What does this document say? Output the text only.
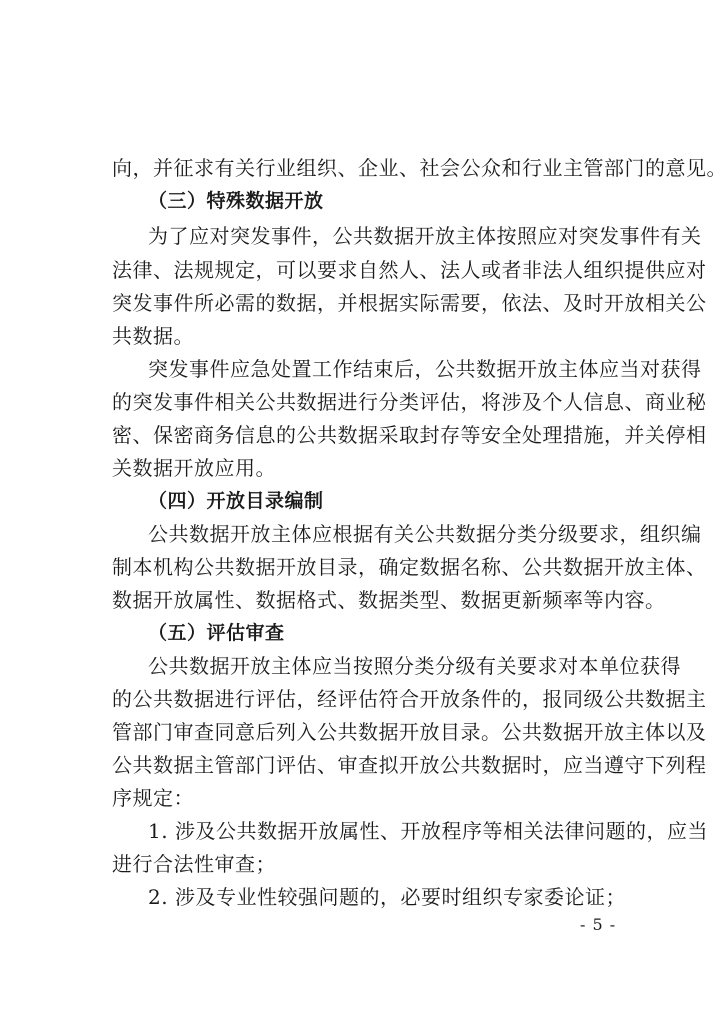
向，并征求有关行业组织、企业、社会公众和行业主管部门的意见。
（三）特殊数据开放
为了应对突发事件，公共数据开放主体按照应对突发事件有关
法律、法规规定，可以要求自然人、法人或者非法人组织提供应对
突发事件所必需的数据，并根据实际需要，依法、及时开放相关公
共数据。
突发事件应急处置工作结束后，公共数据开放主体应当对获得
的突发事件相关公共数据进行分类评估，将涉及个人信息、商业秘
密、保密商务信息的公共数据采取封存等安全处理措施，并关停相
关数据开放应用。
（四）开放目录编制
公共数据开放主体应根据有关公共数据分类分级要求，组织编
制本机构公共数据开放目录，确定数据名称、公共数据开放主体、
数据开放属性、数据格式、数据类型、数据更新频率等内容。
（五）评估审查
公共数据开放主体应当按照分类分级有关要求对本单位获得
的公共数据进行评估，经评估符合开放条件的，报同级公共数据主
管部门审查同意后列入公共数据开放目录。公共数据开放主体以及
公共数据主管部门评估、审查拟开放公共数据时，应当遵守下列程
序规定：
1. 涉及公共数据开放属性、开放程序等相关法律问题的，应当
进行合法性审查；
2. 涉及专业性较强问题的，必要时组织专家委论证；
- 5 -
